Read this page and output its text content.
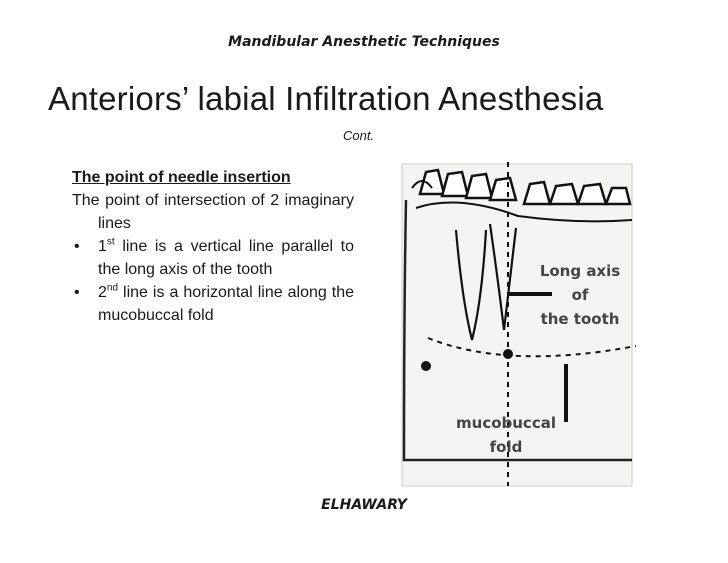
Mandibular Anesthetic Techniques
Anteriors’ labial Infiltration Anesthesia
Cont.
The point of needle insertion

The point of intersection of 2 imaginary lines

• 1st line is a vertical line parallel to the long axis of the tooth
• 2nd line is a horizontal line along the mucobuccal fold
Long axis
of
the tooth
mucobuccal
fold
ELHAWARY
